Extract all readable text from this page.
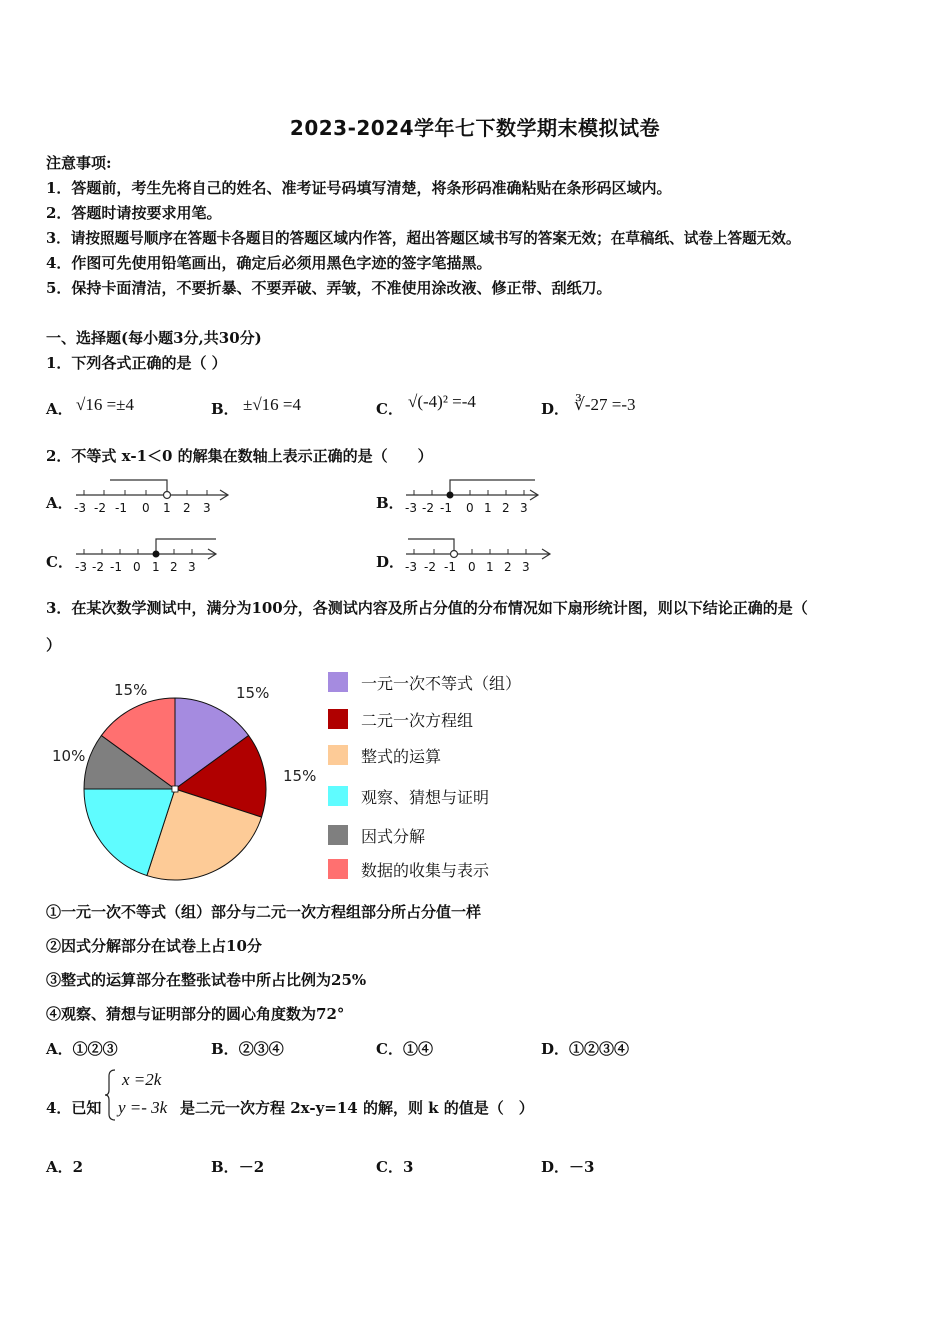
2023-2024学年七下数学期末模拟试卷
注意事项:
1．答题前，考生先将自己的姓名、准考证号码填写清楚，将条形码准确粘贴在条形码区域内。
2．答题时请按要求用笔。
3．请按照题号顺序在答题卡各题目的答题区域内作答，超出答题区域书写的答案无效；在草稿纸、试卷上答题无效。
4．作图可先使用铅笔画出，确定后必须用黑色字迹的签字笔描黑。
5．保持卡面清洁，不要折暴、不要弄破、弄皱，不准使用涂改液、修正带、刮纸刀。
一、选择题(每小题3分,共30分)
1．下列各式正确的是（ ）
A． √16 =±4	B． ±√16 =4	C． √(-4)² =-4	D． ∛-27 =-3
2．不等式 x-1＜0 的解集在数轴上表示正确的是（　　）
A． -3 -2 -1 0 1 2 3	B． -3 -2 -1 0 1 2 3
C． -3 -2 -1 0 1 2 3	D． -3 -2 -1 0 1 2 3
3．在某次数学测试中，满分为100分，各测试内容及所占分值的分布情况如下扇形统计图，则以下结论正确的是（
）
15%
15%
10%
15%	一元一次不等式（组）
二元一次方程组
整式的运算
观察、猜想与证明
因式分解
数据的收集与表示
①一元一次不等式（组）部分与二元一次方程组部分所占分值一样
②因式分解部分在试卷上占10分
③整式的运算部分在整张试卷中所占比例为25%
④观察、猜想与证明部分的圆心角度数为72°
A．①②③	B．②③④	C．①④	D．①②③④
4．已知
x =2k
y =- 3k 是二元一次方程 2x-y=14 的解，则 k 的值是（　）
A．2	B．－2	C．3	D．－3
